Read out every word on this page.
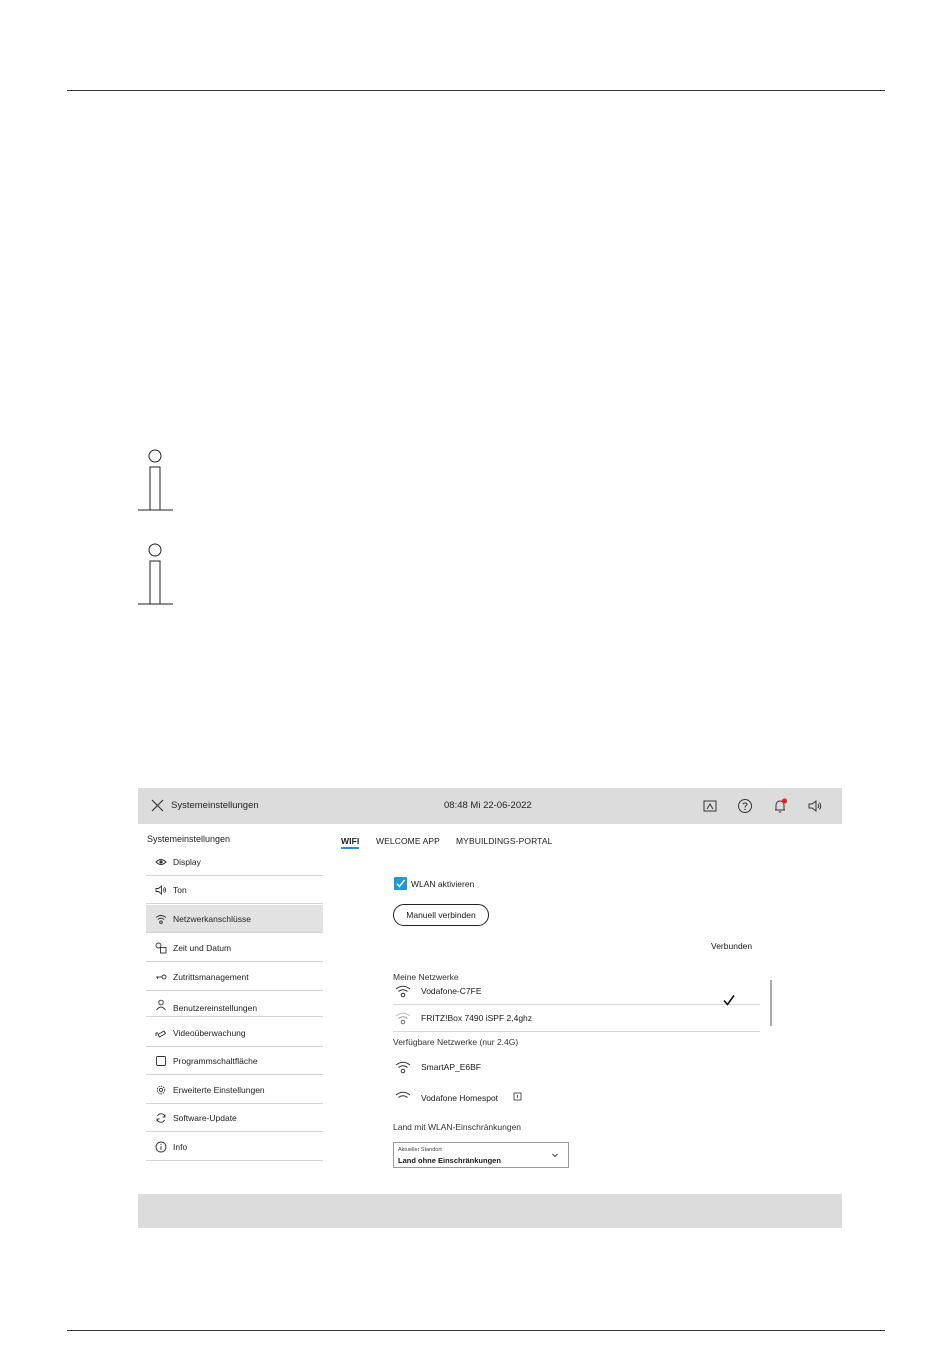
Systemeinstellungen	08:48 Mi 22-06-2022
Systemeinstellungen
Display
Ton
Netzwerkanschlüsse
Zeit und Datum
Zutrittsmanagement
Benutzereinstellungen
Videoüberwachung
Programmschaltfläche
Erweiterte Einstellungen
Software-Update
Info
WIFI WELCOME APP MYBUILDINGS-PORTAL
WLAN aktivieren
Manuell verbinden
Verbunden
Meine Netzwerke
Vodafone-C7FE
FRITZ!Box 7490 iSPF 2,4ghz
Verfügbare Netzwerke (nur 2.4G)
SmartAP_E6BF
Vodafone Homespot
Land mit WLAN-Einschränkungen
Aktueller Standort
Land ohne Einschränkungen
